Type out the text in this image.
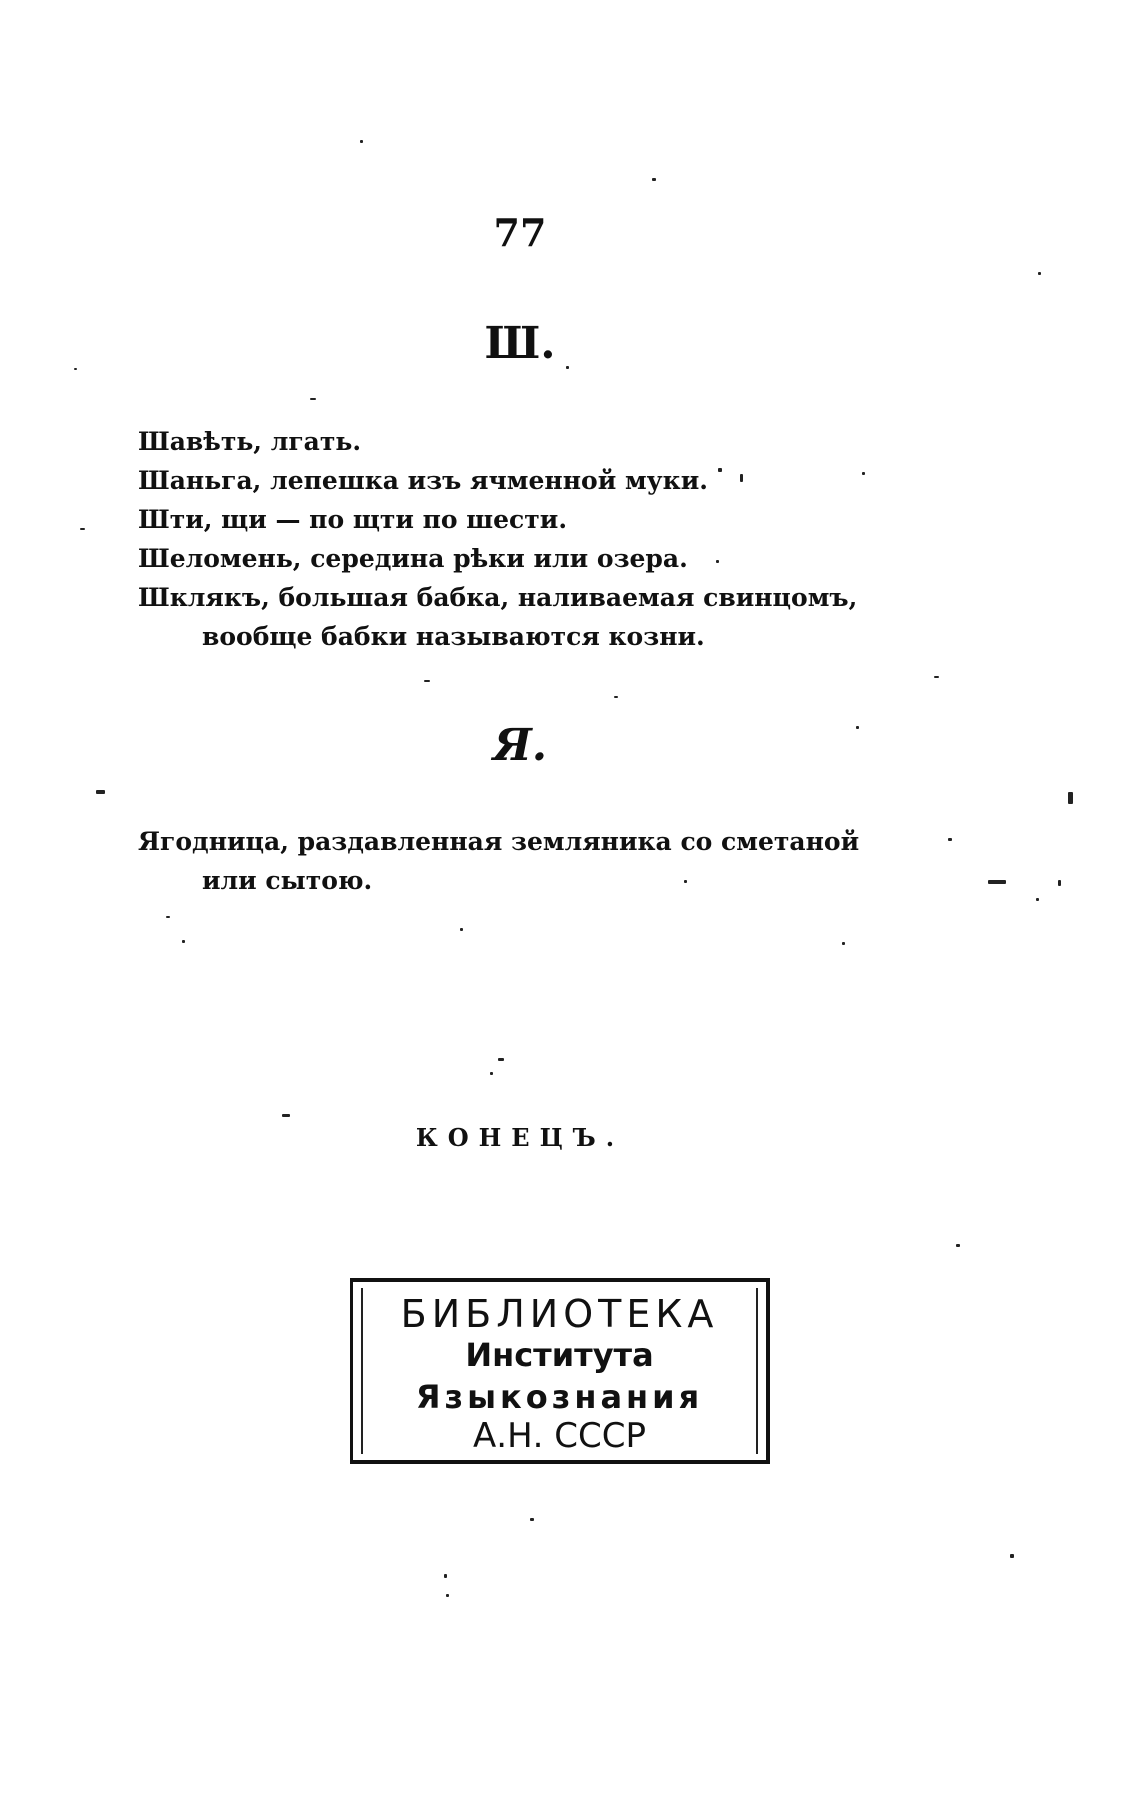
77
Ш.

Шавѣть, лгать.

Шаньга, лепешка изъ ячменной муки.

Шти, щи — по щти по шести.

Шеломень, середина рѣки или озера.

Шклякъ, большая бабка, наливаемая свинцомъ,
вообще бабки называются козни.

Я.

Ягодница, раздавленная земляника со сметаной
или сытою.

КОНЕЦЪ.
БИБЛИОТЕКА
Института
Языкознания
А.Н. СССР
